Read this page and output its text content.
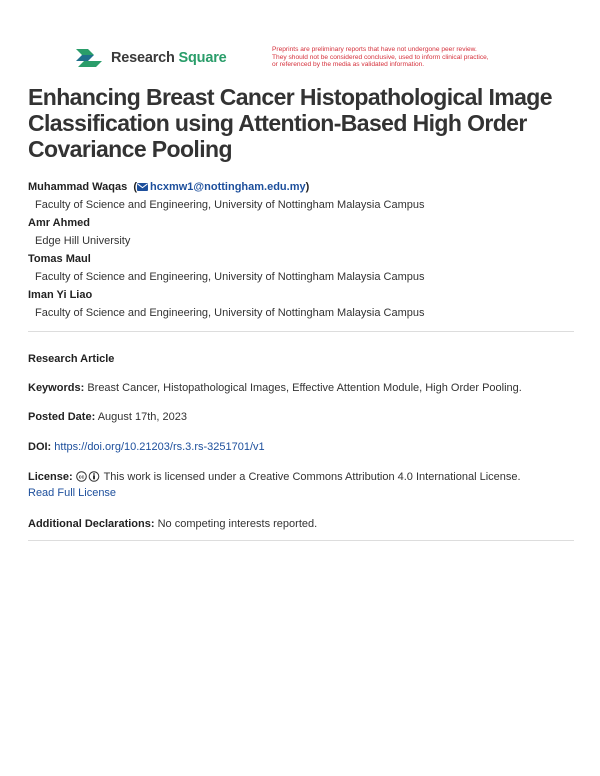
Research Square
Preprints are preliminary reports that have not undergone peer review.
They should not be considered conclusive, used to inform clinical practice,
or referenced by the media as validated information.
Enhancing Breast Cancer Histopathological Image Classification using Attention-Based High Order Covariance Pooling
Muhammad Waqas  ( hcxmw1@nottingham.edu.my)
Faculty of Science and Engineering, University of Nottingham Malaysia Campus
Amr Ahmed
Edge Hill University
Tomas Maul
Faculty of Science and Engineering, University of Nottingham Malaysia Campus
Iman Yi Liao
Faculty of Science and Engineering, University of Nottingham Malaysia Campus
Research Article
Keywords: Breast Cancer, Histopathological Images, Effective Attention Module, High Order Pooling.
Posted Date: August 17th, 2023
DOI: https://doi.org/10.21203/rs.3.rs-3251701/v1
License: cc This work is licensed under a Creative Commons Attribution 4.0 International License.
Read Full License
Additional Declarations: No competing interests reported.
